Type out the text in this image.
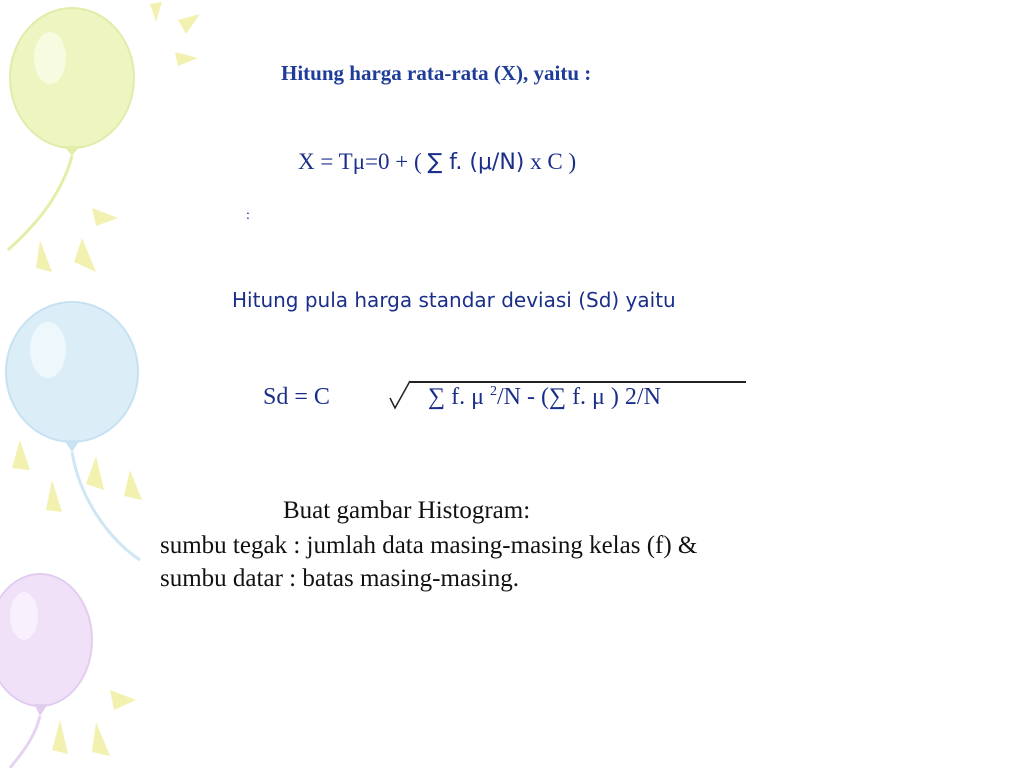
Hitung harga rata-rata (X), yaitu :
X = Tμ=0 + ( ∑ f. (μ/N) x C )
:
Hitung pula harga standar deviasi (Sd) yaitu
Sd = C	∑ f. μ $^2$/N - (∑ f. μ ) 2/N
Buat gambar Histogram:
sumbu tegak : jumlah data masing-masing kelas (f) &
sumbu datar : batas masing-masing.
